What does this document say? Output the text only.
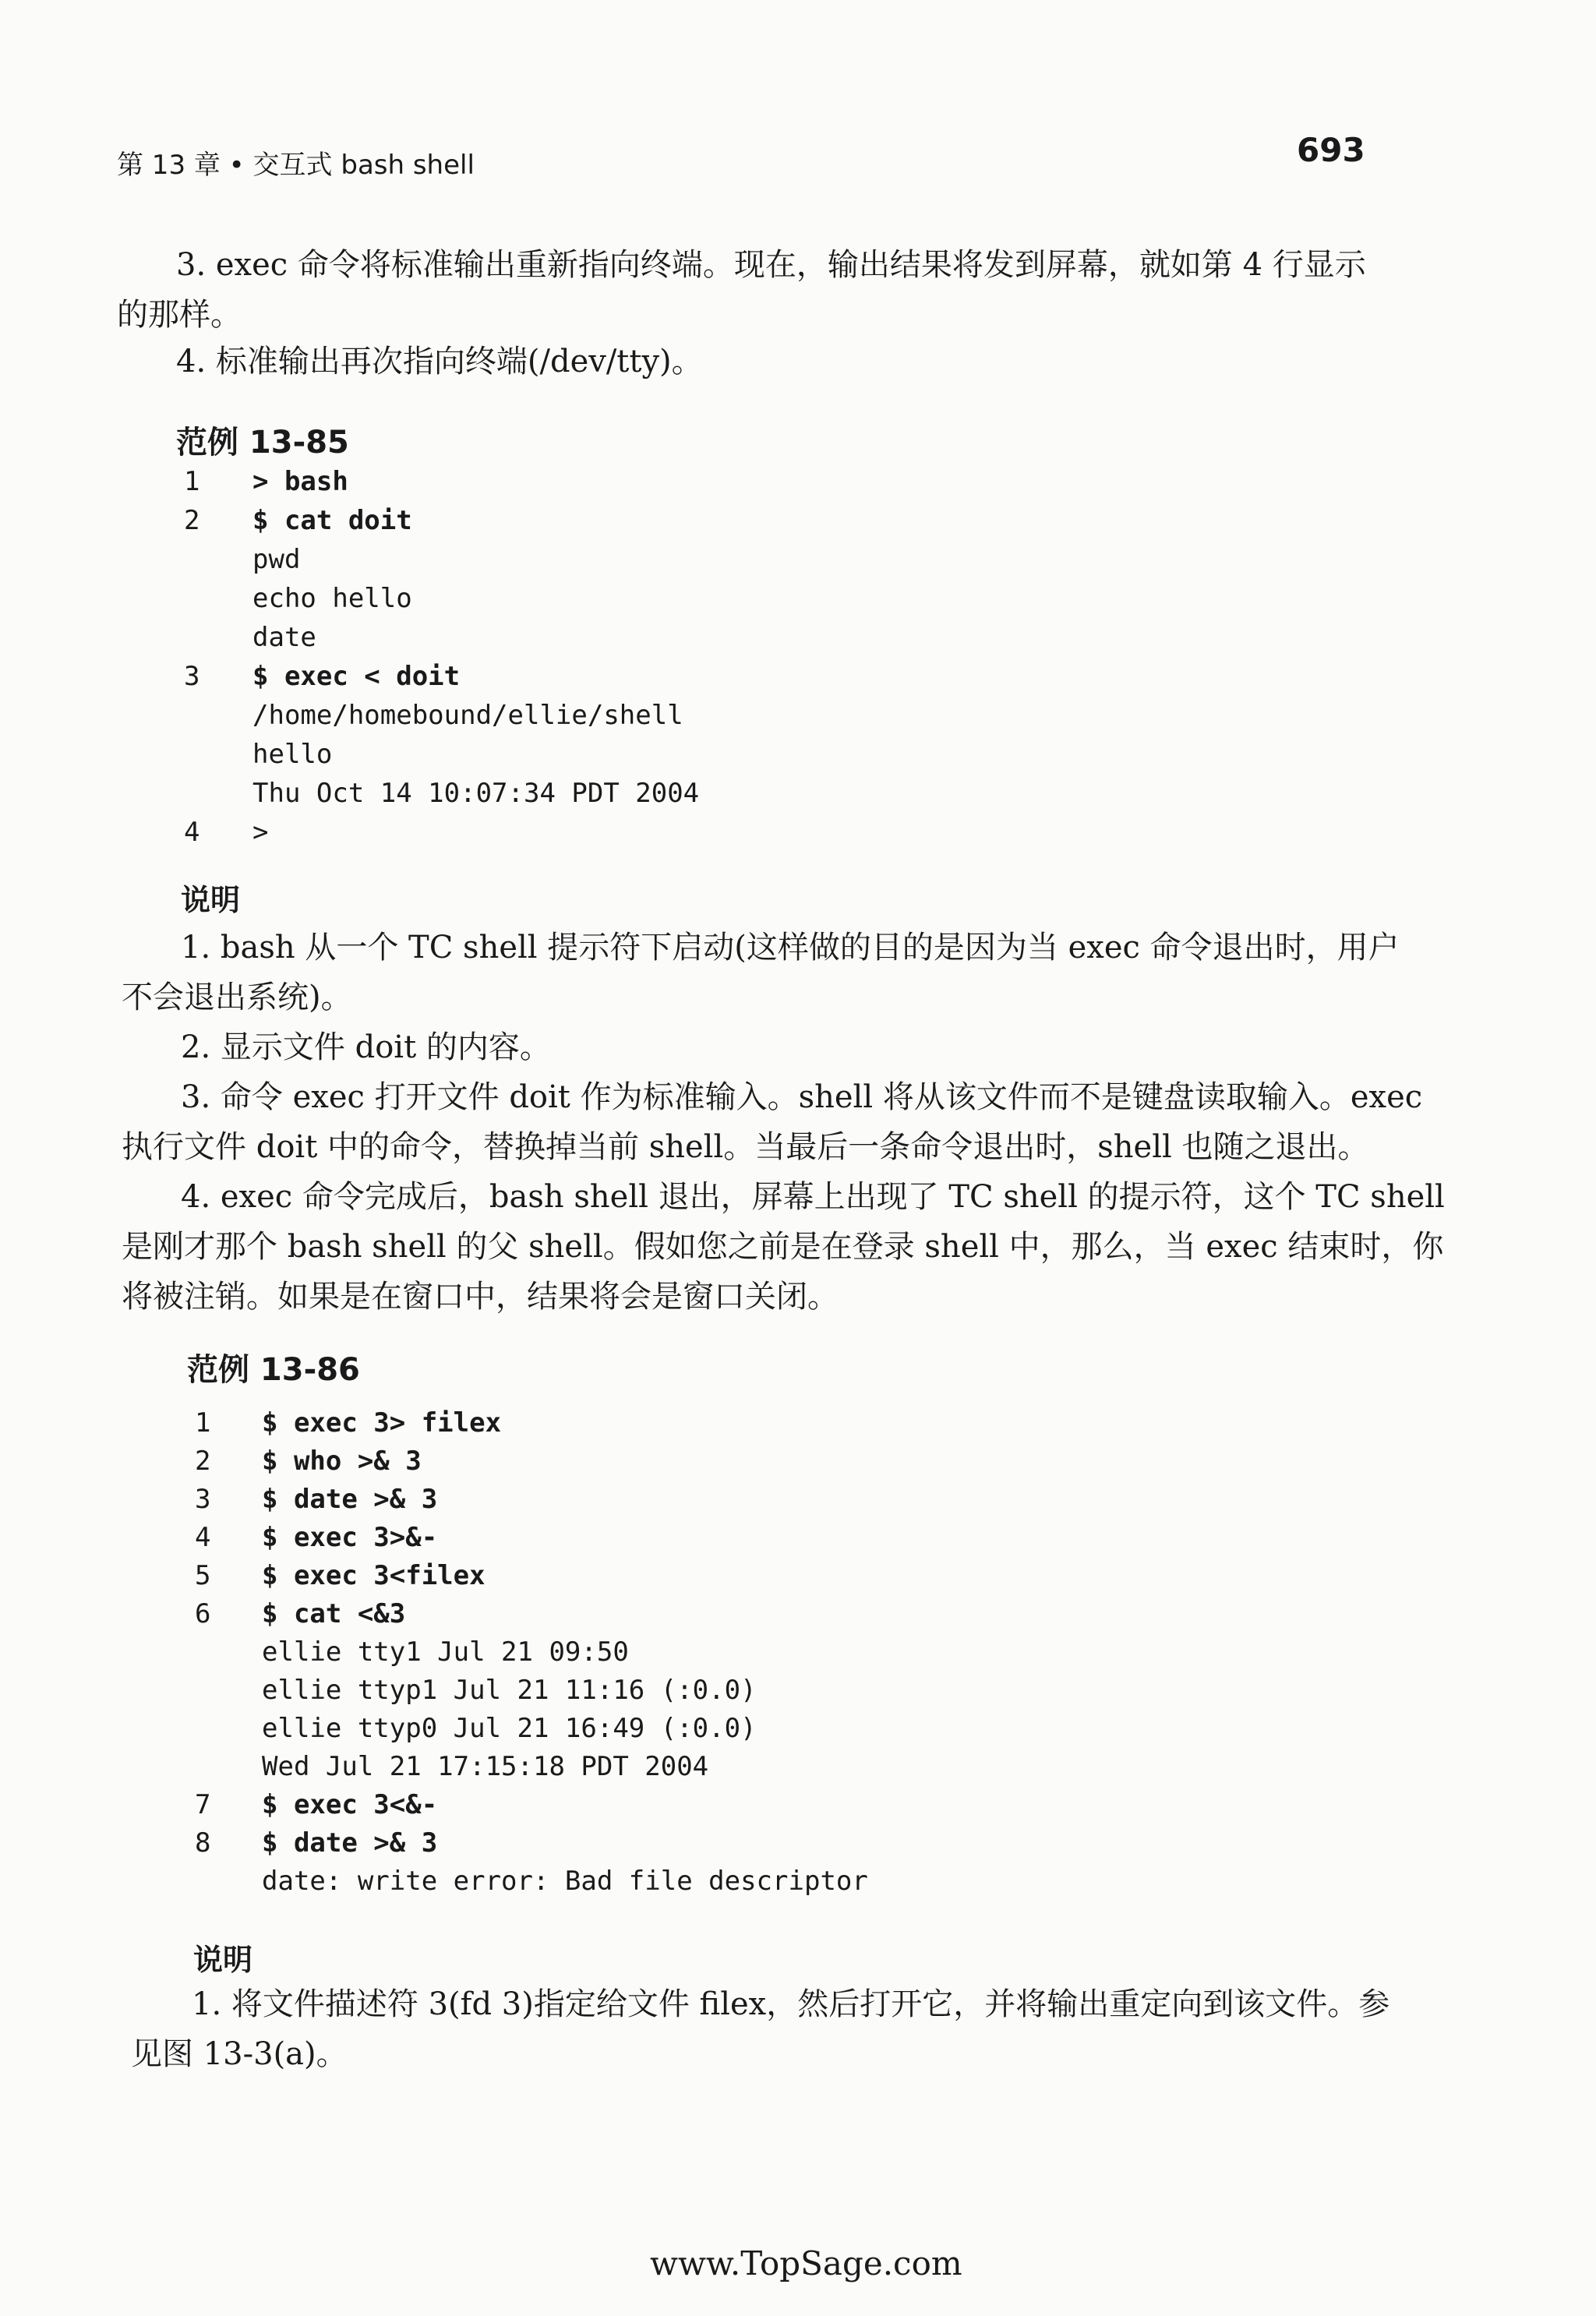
第 13 章 • 交互式 bash shell	693
3. exec 命令将标准输出重新指向终端。现在，输出结果将发到屏幕，就如第 4 行显示
的那样。
4. 标准输出再次指向终端(/dev/tty)。
范例 13-85
1	> bash
2	$ cat doit
pwd
echo hello
date
3	$ exec < doit
/home/homebound/ellie/shell
hello
Thu Oct 14 10:07:34 PDT 2004
4	>
说明
1. bash 从一个 TC shell 提示符下启动(这样做的目的是因为当 exec 命令退出时，用户
不会退出系统)。
2. 显示文件 doit 的内容。
3. 命令 exec 打开文件 doit 作为标准输入。shell 将从该文件而不是键盘读取输入。exec
执行文件 doit 中的命令，替换掉当前 shell。当最后一条命令退出时，shell 也随之退出。
4. exec 命令完成后，bash shell 退出，屏幕上出现了 TC shell 的提示符，这个 TC shell
是刚才那个 bash shell 的父 shell。假如您之前是在登录 shell 中，那么，当 exec 结束时，你
将被注销。如果是在窗口中，结果将会是窗口关闭。
范例 13-86
1	$ exec 3> filex
2	$ who >& 3
3	$ date >& 3
4	$ exec 3>&-
5	$ exec 3<filex
6	$ cat <&3
ellie tty1 Jul 21 09:50
ellie ttyp1 Jul 21 11:16 (:0.0)
ellie ttyp0 Jul 21 16:49 (:0.0)
Wed Jul 21 17:15:18 PDT 2004
7	$ exec 3<&-
8	$ date >& 3
date: write error: Bad file descriptor
说明
1. 将文件描述符 3(fd 3)指定给文件 filex，然后打开它，并将输出重定向到该文件。参
见图 13-3(a)。
www.TopSage.com
